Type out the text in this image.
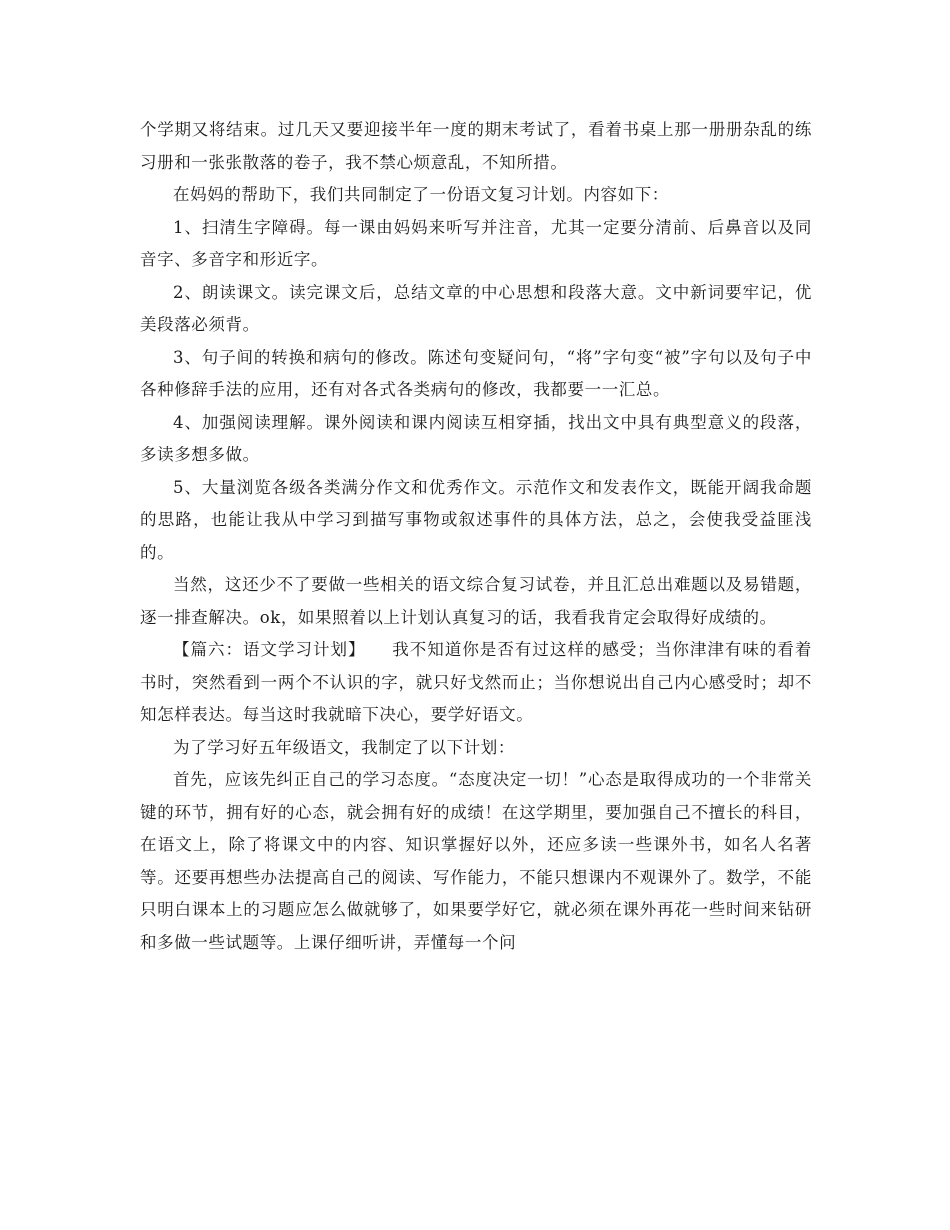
个学期又将结束。过几天又要迎接半年一度的期末考试了，看着书桌上那一册册杂乱的练习册和一张张散落的卷子，我不禁心烦意乱，不知所措。

在妈妈的帮助下，我们共同制定了一份语文复习计划。内容如下：

1、扫清生字障碍。每一课由妈妈来听写并注音，尤其一定要分清前、后鼻音以及同音字、多音字和形近字。

2、朗读课文。读完课文后，总结文章的中心思想和段落大意。文中新词要牢记，优美段落必须背。

3、句子间的转换和病句的修改。陈述句变疑问句，“将”字句变“被”字句以及句子中各种修辞手法的应用，还有对各式各类病句的修改，我都要一一汇总。

4、加强阅读理解。课外阅读和课内阅读互相穿插，找出文中具有典型意义的段落，多读多想多做。

5、大量浏览各级各类满分作文和优秀作文。示范作文和发表作文，既能开阔我命题的思路，也能让我从中学习到描写事物或叙述事件的具体方法，总之，会使我受益匪浅的。

当然，这还少不了要做一些相关的语文综合复习试卷，并且汇总出难题以及易错题，逐一排查解决。ok，如果照着以上计划认真复习的话，我看我肯定会取得好成绩的。

【篇六：语文学习计划】　　我不知道你是否有过这样的感受；当你津津有味的看着书时，突然看到一两个不认识的字，就只好戈然而止；当你想说出自己内心感受时；却不知怎样表达。每当这时我就暗下决心，要学好语文。

为了学习好五年级语文，我制定了以下计划：

首先，应该先纠正自己的学习态度。“态度决定一切！”心态是取得成功的一个非常关键的环节，拥有好的心态，就会拥有好的成绩！在这学期里，要加强自己不擅长的科目，在语文上，除了将课文中的内容、知识掌握好以外，还应多读一些课外书，如名人名著等。还要再想些办法提高自己的阅读、写作能力，不能只想课内不观课外了。数学，不能只明白课本上的习题应怎么做就够了，如果要学好它，就必须在课外再花一些时间来钻研和多做一些试题等。上课仔细听讲，弄懂每一个问
